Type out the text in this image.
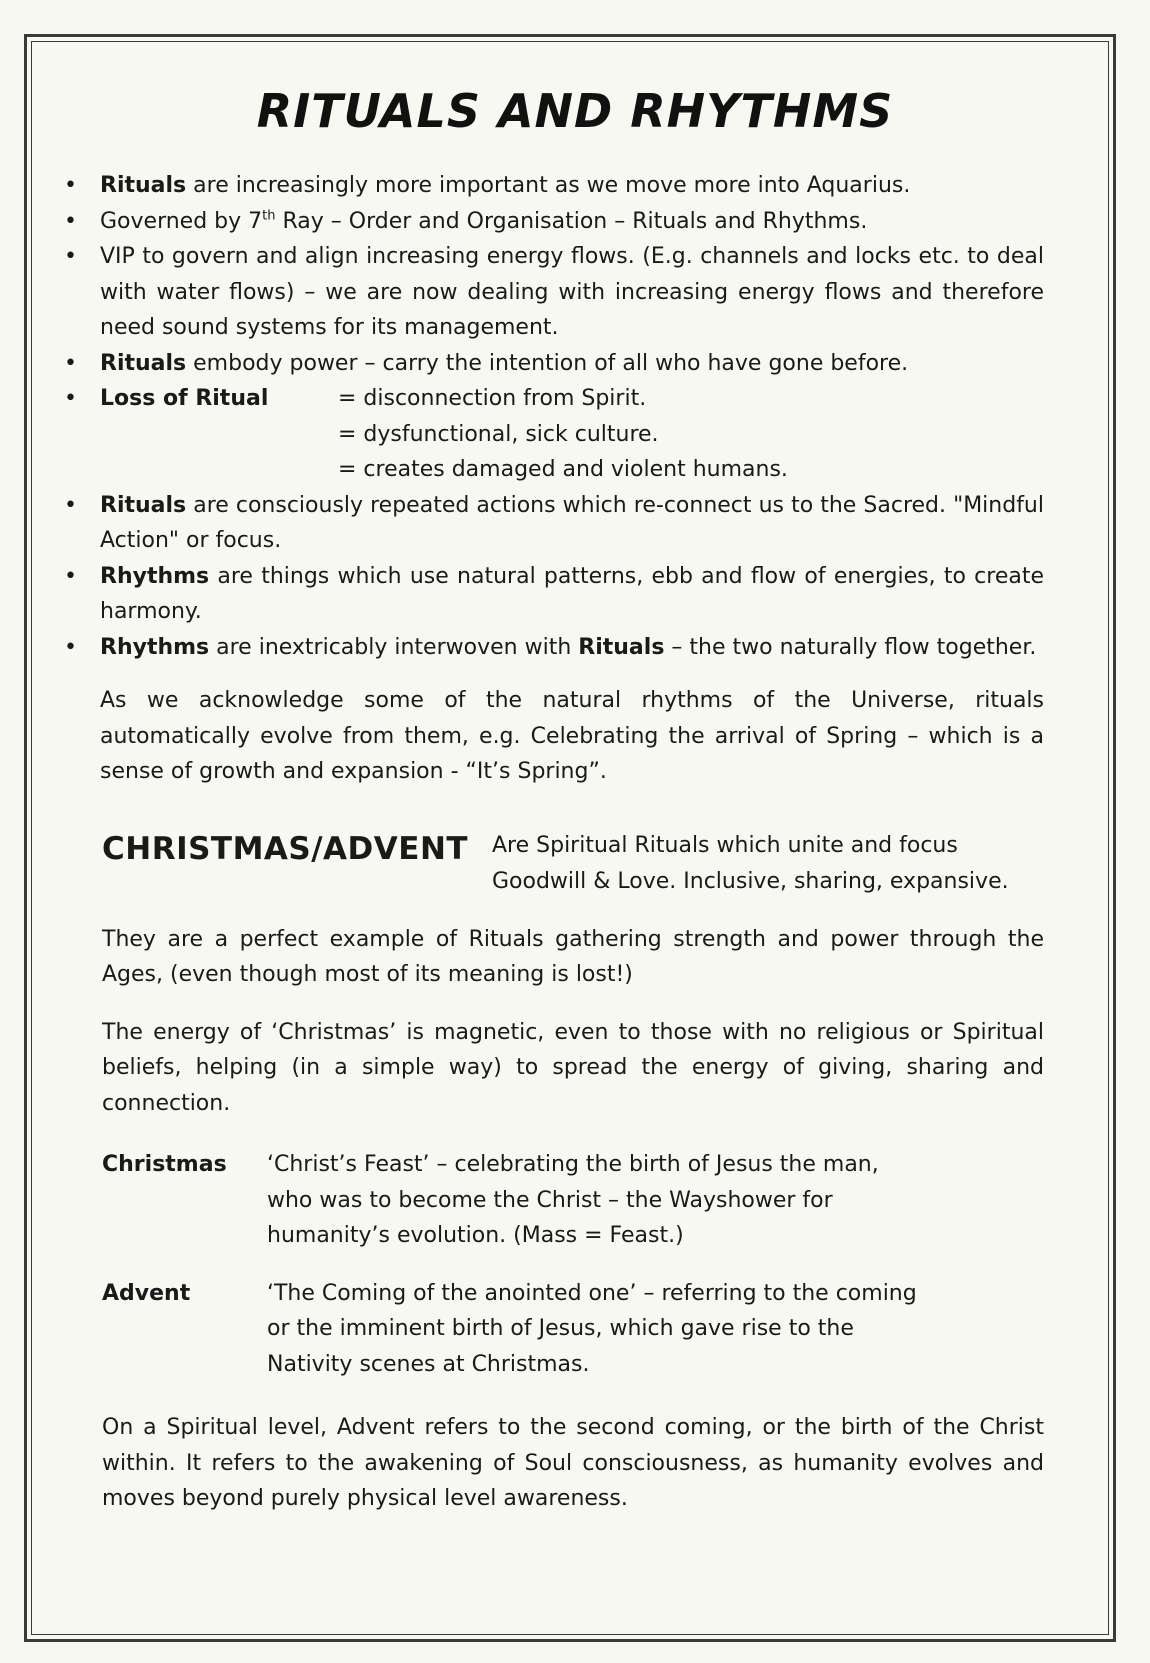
RITUALS AND RHYTHMS
• Rituals are increasingly more important as we move more into Aquarius.
• Governed by 7th Ray – Order and Organisation – Rituals and Rhythms.
• VIP to govern and align increasing energy flows. (E.g. channels and locks etc. to deal with water flows) – we are now dealing with increasing energy flows and therefore need sound systems for its management.
• Rituals embody power – carry the intention of all who have gone before.
• Loss of Ritual	= disconnection from Spirit.
= dysfunctional, sick culture.
= creates damaged and violent humans.
• Rituals are consciously repeated actions which re-connect us to the Sacred. "Mindful Action" or focus.
• Rhythms are things which use natural patterns, ebb and flow of energies, to create harmony.
• Rhythms are inextricably interwoven with Rituals – the two naturally flow together.
As we acknowledge some of the natural rhythms of the Universe, rituals automatically evolve from them, e.g. Celebrating the arrival of Spring – which is a sense of growth and expansion - “It’s Spring”.
CHRISTMAS/ADVENT	Are Spiritual Rituals which unite and focus
Goodwill & Love. Inclusive, sharing, expansive.
They are a perfect example of Rituals gathering strength and power through the Ages, (even though most of its meaning is lost!)
The energy of ‘Christmas’ is magnetic, even to those with no religious or Spiritual beliefs, helping (in a simple way) to spread the energy of giving, sharing and connection.
Christmas	‘Christ’s Feast’ – celebrating the birth of Jesus the man,
who was to become the Christ – the Wayshower for
humanity’s evolution. (Mass = Feast.)
Advent	‘The Coming of the anointed one’ – referring to the coming
or the imminent birth of Jesus, which gave rise to the
Nativity scenes at Christmas.
On a Spiritual level, Advent refers to the second coming, or the birth of the Christ within. It refers to the awakening of Soul consciousness, as humanity evolves and moves beyond purely physical level awareness.
